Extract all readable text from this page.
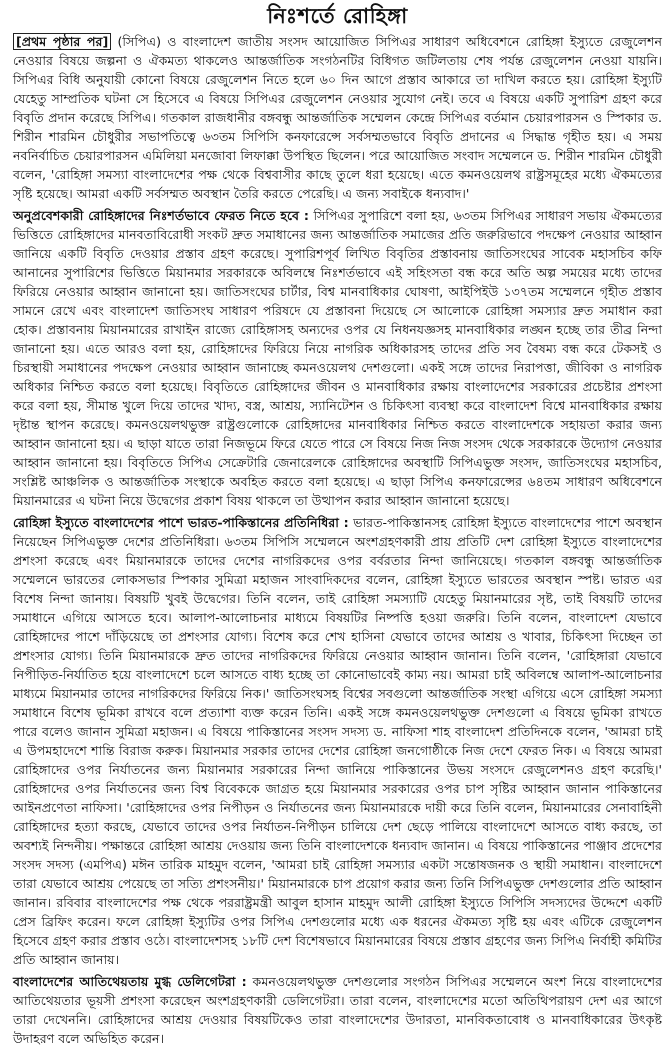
নিঃশর্তে রোহিঙ্গা

[প্রথম পৃষ্ঠার পর] (সিপিএ) ও বাংলাদেশ জাতীয় সংসদ আয়োজিত সিপিএর সাধারণ অধিবেশনে রোহিঙ্গা ইস্যুতে রেজুলেশন নেওয়ার বিষয়ে জল্পনা ও ঐকমত্য থাকলেও আন্তর্জাতিক সংগঠনটির বিধিগত জটিলতায় শেষ পর্যন্ত রেজুলেশন নেওয়া যায়নি। সিপিএর বিধি অনুযায়ী কোনো বিষয়ে রেজুলেশন নিতে হলে ৬০ দিন আগে প্রস্তাব আকারে তা দাখিল করতে হয়। রোহিঙ্গা ইস্যুটি যেহেতু সাম্প্রতিক ঘটনা সে হিসেবে এ বিষয়ে সিপিএর রেজুলেশন নেওয়ার সুযোগ নেই। তবে এ বিষয়ে একটি সুপারিশ গ্রহণ করে বিবৃতি প্রদান করেছে সিপিএ। গতকাল রাজধানীর বঙ্গবন্ধু আন্তর্জাতিক সম্মেলন কেন্দ্রে সিপিএর বর্তমান চেয়ারপারসন ও স্পিকার ড. শিরীন শারমিন চৌধুরীর সভাপতিত্বে ৬৩তম সিপিসি কনফারেন্সে সর্বসম্মতভাবে বিবৃতি প্রদানের এ সিদ্ধান্ত গৃহীত হয়। এ সময় নবনির্বাচিত চেয়ারপারসন এমিলিয়া মনজোবা লিফাক্কা উপস্থিত ছিলেন। পরে আয়োজিত সংবাদ সম্মেলনে ড. শিরীন শারমিন চৌধুরী বলেন, 'রোহিঙ্গা সমস্যা বাংলাদেশের পক্ষ থেকে বিশ্ববাসীর কাছে তুলে ধরা হয়েছে। এতে কমনওয়েলথ রাষ্ট্রসমূহের মধ্যে ঐকমত্যের সৃষ্টি হয়েছে। আমরা একটি সর্বসম্মত অবস্থান তৈরি করতে পেরেছি। এ জন্য সবাইকে ধন্যবাদ।'

অনুপ্রবেশকারী রোহিঙ্গাদের নিঃশর্তভাবে ফেরত নিতে হবে : সিপিএর সুপারিশে বলা হয়, ৬৩তম সিপিএর সাধারণ সভায় ঐকমত্যের ভিত্তিতে রোহিঙ্গাদের মানবতাবিরোধী সংকট দ্রুত সমাধানের জন্য আন্তর্জাতিক সমাজের প্রতি জরুরিভাবে পদক্ষেপ নেওয়ার আহ্বান জানিয়ে একটি বিবৃতি দেওয়ার প্রস্তাব গ্রহণ করেছে। সুপারিশপূর্ব লিখিত বিবৃতির প্রস্তাবনায় জাতিসংঘের সাবেক মহাসচিব কফি আনানের সুপারিশের ভিত্তিতে মিয়ানমার সরকারকে অবিলম্বে নিঃশর্তভাবে এই সহিংসতা বন্ধ করে অতি অল্প সময়ের মধ্যে তাদের ফিরিয়ে নেওয়ার আহ্বান জানানো হয়। জাতিসংঘের চার্টার, বিশ্ব মানবাধিকার ঘোষণা, আইপিইউ ১৩৭তম সম্মেলনে গৃহীত প্রস্তাব সামনে রেখে এবং বাংলাদেশ জাতিসংঘ সাধারণ পরিষদে যে প্রস্তাবনা দিয়েছে সে আলোকে রোহিঙ্গা সমস্যার দ্রুত সমাধান করা হোক। প্রস্তাবনায় মিয়ানমারের রাখাইন রাজ্যে রোহিঙ্গাসহ অন্যদের ওপর যে নিধনযজ্ঞসহ মানবাধিকার লঙ্ঘন হচ্ছে তার তীব্র নিন্দা জানানো হয়। এতে আরও বলা হয়, রোহিঙ্গাদের ফিরিয়ে নিয়ে নাগরিক অধিকারসহ তাদের প্রতি সব বৈষম্য বন্ধ করে টেকসই ও চিরস্থায়ী সমাধানের পদক্ষেপ নেওয়ার আহ্বান জানাচ্ছে কমনওয়েলথ দেশগুলো। একই সঙ্গে তাদের নিরাপত্তা, জীবিকা ও নাগরিক অধিকার নিশ্চিত করতে বলা হয়েছে। বিবৃতিতে রোহিঙ্গাদের জীবন ও মানবাধিকার রক্ষায় বাংলাদেশের সরকারের প্রচেষ্টার প্রশংসা করে বলা হয়, সীমান্ত খুলে দিয়ে তাদের খাদ্য, বস্ত্র, আশ্রয়, স্যানিটেশন ও চিকিৎসা ব্যবস্থা করে বাংলাদেশ বিশ্বে মানবাধিকার রক্ষায় দৃষ্টান্ত স্থাপন করেছে। কমনওয়েলথভুক্ত রাষ্ট্রগুলোকে রোহিঙ্গাদের মানবাধিকার নিশ্চিত করতে বাংলাদেশকে সহায়তা করার জন্য আহ্বান জানানো হয়। এ ছাড়া যাতে তারা নিজভূমে ফিরে যেতে পারে সে বিষয়ে নিজ নিজ সংসদ থেকে সরকারকে উদ্যোগ নেওয়ার আহ্বান জানানো হয়। বিবৃতিতে সিপিএ সেক্রেটারি জেনারেলকে রোহিঙ্গাদের অবস্থাটি সিপিএভুক্ত সংসদ, জাতিসংঘের মহাসচিব, সংশ্লিষ্ট আঞ্চলিক ও আন্তর্জাতিক সংস্থাকে অবহিত করতে বলা হয়েছে। এ ছাড়া সিপিএ কনফারেন্সের ৬৪তম সাধারণ অধিবেশনে মিয়ানমারের এ ঘটনা নিয়ে উদ্বেগের প্রকাশ বিষয় থাকলে তা উত্থাপন করার আহ্বান জানানো হয়েছে।

রোহিঙ্গা ইস্যুতে বাংলাদেশের পাশে ভারত-পাকিস্তানের প্রতিনিধিরা : ভারত-পাকিস্তানসহ রোহিঙ্গা ইস্যুতে বাংলাদেশের পাশে অবস্থান নিয়েছেন সিপিএভুক্ত দেশের প্রতিনিধিরা। ৬৩তম সিপিসি সম্মেলনে অংশগ্রহণকারী প্রায় প্রতিটি দেশ রোহিঙ্গা ইস্যুতে বাংলাদেশের প্রশংসা করেছে এবং মিয়ানমারকে তাদের দেশের নাগরিকদের ওপর বর্বরতার নিন্দা জানিয়েছে। গতকাল বঙ্গবন্ধু আন্তর্জাতিক সম্মেলনে ভারতের লোকসভার স্পিকার সুমিত্রা মহাজন সাংবাদিকদের বলেন, রোহিঙ্গা ইস্যুতে ভারতের অবস্থান স্পষ্ট। ভারত এর বিশেষ নিন্দা জানায়। বিষয়টি খুবই উদ্বেগের। তিনি বলেন, তাই রোহিঙ্গা সমস্যাটি যেহেতু মিয়ানমারের সৃষ্ট, তাই বিষয়টি তাদের সমাধানে এগিয়ে আসতে হবে। আলাপ-আলোচনার মাধ্যমে বিষয়টির নিষ্পত্তি হওয়া জরুরি। তিনি বলেন, বাংলাদেশ যেভাবে রোহিঙ্গাদের পাশে দাঁড়িয়েছে তা প্রশংসার যোগ্য। বিশেষ করে শেখ হাসিনা যেভাবে তাদের আশ্রয় ও খাবার, চিকিৎসা দিচ্ছেন তা প্রশংসার যোগ্য। তিনি মিয়ানমারকে দ্রুত তাদের নাগরিকদের ফিরিয়ে নেওয়ার আহ্বান জানান। তিনি বলেন, 'রোহিঙ্গারা যেভাবে নিপীড়িত-নির্যাতিত হয়ে বাংলাদেশে চলে আসতে বাধ্য হচ্ছে তা কোনোভাবেই কাম্য নয়। আমরা চাই অবিলম্বে আলাপ-আলোচনার মাধ্যমে মিয়ানমার তাদের নাগরিকদের ফিরিয়ে নিক।' জাতিসংঘসহ বিশ্বের সবগুলো আন্তর্জাতিক সংস্থা এগিয়ে এসে রোহিঙ্গা সমস্যা সমাধানে বিশেষ ভূমিকা রাখবে বলে প্রত্যাশা ব্যক্ত করেন তিনি। একই সঙ্গে কমনওয়েলথভুক্ত দেশগুলো এ বিষয়ে ভূমিকা রাখতে পারে বলেও জানান সুমিত্রা মহাজন। এ বিষয়ে পাকিস্তানের সংসদ সদস্য ড. নাফিসা শাহ বাংলাদেশ প্রতিদিনকে বলেন, 'আমরা চাই এ উপমহাদেশে শান্তি বিরাজ করুক। মিয়ানমার সরকার তাদের দেশের রোহিঙ্গা জনগোষ্ঠীকে নিজ দেশে ফেরত নিক। এ বিষয়ে আমরা রোহিঙ্গাদের ওপর নির্যাতনের জন্য মিয়ানমার সরকারের নিন্দা জানিয়ে পাকিস্তানের উভয় সংসদে রেজুলেশনও গ্রহণ করেছি।' রোহিঙ্গাদের ওপর নির্যাতনের জন্য বিশ্ব বিবেককে জাগ্রত হয়ে মিয়ানমার সরকারের ওপর চাপ সৃষ্টির আহ্বান জানান পাকিস্তানের আইনপ্রণেতা নাফিসা। 'রোহিঙ্গাদের ওপর নিপীড়ন ও নির্যাতনের জন্য মিয়ানমারকে দায়ী করে তিনি বলেন, মিয়ানমারের সেনাবাহিনী রোহিঙ্গাদের হত্যা করছে, যেভাবে তাদের ওপর নির্যাতন-নিপীড়ন চালিয়ে দেশ ছেড়ে পালিয়ে বাংলাদেশে আসতে বাধ্য করছে, তা অবশ্যই নিন্দনীয়। পক্ষান্তরে রোহিঙ্গা আশ্রয় দেওয়ায় জন্য তিনি বাংলাদেশকে ধন্যবাদ জানান। এ বিষয়ে পাকিস্তানের পাঞ্জাব প্রদেশের সংসদ সদস্য (এমপিএ) মঈন তারিক মাহমুদ বলেন, 'আমরা চাই রোহিঙ্গা সমস্যার একটা সন্তোষজনক ও স্থায়ী সমাধান। বাংলাদেশে তারা যেভাবে আশ্রয় পেয়েছে তা সত্যি প্রশংসনীয়।' মিয়ানমারকে চাপ প্রয়োগ করার জন্য তিনি সিপিএভুক্ত দেশগুলোর প্রতি আহ্বান জানান। রবিবার বাংলাদেশের পক্ষ থেকে পররাষ্ট্রমন্ত্রী আবুল হাসান মাহমুদ আলী রোহিঙ্গা ইস্যুতে সিপিসি সদস্যদের উদ্দেশে একটি প্রেস ব্রিফিং করেন। ফলে রোহিঙ্গা ইস্যুটির ওপর সিপিএ দেশগুলোর মধ্যে এক ধরনের ঐকমত্য সৃষ্টি হয় এবং এটিকে রেজুলেশন হিসেবে গ্রহণ করার প্রস্তাব ওঠে। বাংলাদেশসহ ১৮টি দেশ বিশেষভাবে মিয়ানমারের বিষয়ে প্রস্তাব গ্রহণের জন্য সিপিএ নির্বাহী কমিটির প্রতি আহ্বান জানায়।

বাংলাদেশের আতিথেয়তায় মুগ্ধ ডেলিগেটরা : কমনওয়েলথভুক্ত দেশগুলোর সংগঠন সিপিএর সম্মেলনে অংশ নিয়ে বাংলাদেশের আতিথেয়তার ভূয়সী প্রশংসা করেছেন অংশগ্রহণকারী ডেলিগেটরা। তারা বলেন, বাংলাদেশের মতো অতিথিপরায়ণ দেশ এর আগে তারা দেখেননি। রোহিঙ্গাদের আশ্রয় দেওয়ার বিষয়টিকেও তারা বাংলাদেশের উদারতা, মানবিকতাবোধ ও মানবাধিকারের উৎকৃষ্ট উদাহরণ বলে অভিহিত করেন।
